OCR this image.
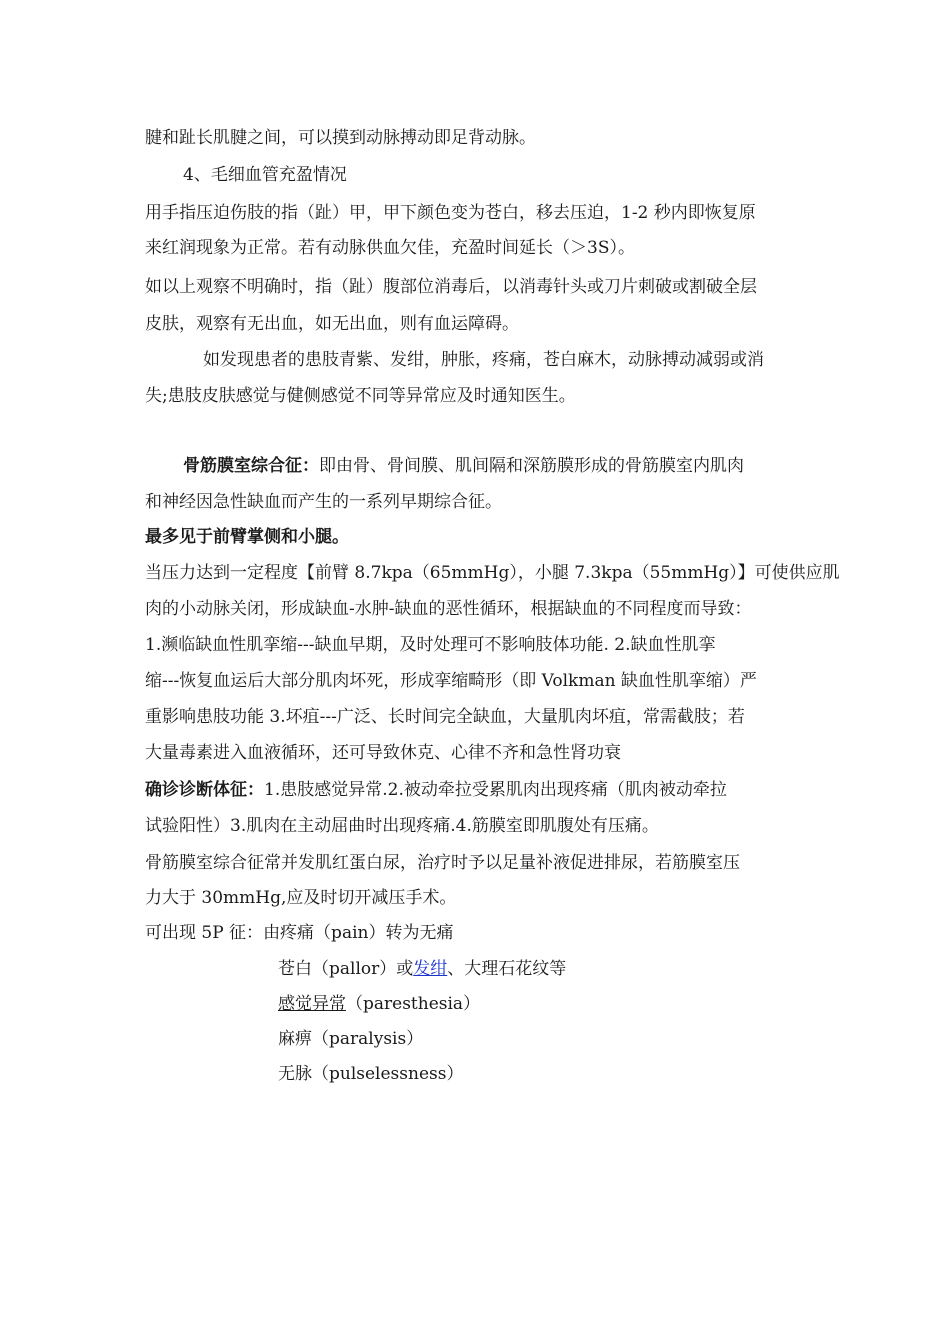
腱和趾长肌腱之间，可以摸到动脉搏动即足背动脉。
4、毛细血管充盈情况
用手指压迫伤肢的指（趾）甲，甲下颜色变为苍白，移去压迫，1-2 秒内即恢复原
来红润现象为正常。若有动脉供血欠佳，充盈时间延长（＞3S）。
如以上观察不明确时，指（趾）腹部位消毒后，以消毒针头或刀片刺破或割破全层
皮肤，观察有无出血，如无出血，则有血运障碍。
如发现患者的患肢青紫、发绀，肿胀，疼痛，苍白麻木，动脉搏动减弱或消
失;患肢皮肤感觉与健侧感觉不同等异常应及时通知医生。
骨筋膜室综合征：即由骨、骨间膜、肌间隔和深筋膜形成的骨筋膜室内肌肉
和神经因急性缺血而产生的一系列早期综合征。
最多见于前臂掌侧和小腿。
当压力达到一定程度【前臂 8.7kpa（65mmHg），小腿 7.3kpa（55mmHg）】可使供应肌
肉的小动脉关闭，形成缺血-水肿-缺血的恶性循环，根据缺血的不同程度而导致：
1.濒临缺血性肌挛缩---缺血早期，及时处理可不影响肢体功能. 2.缺血性肌挛
缩---恢复血运后大部分肌肉坏死，形成挛缩畸形（即 Volkman 缺血性肌挛缩）严
重影响患肢功能 3.坏疽---广泛、长时间完全缺血，大量肌肉坏疽，常需截肢；若
大量毒素进入血液循环，还可导致休克、心律不齐和急性肾功衰
确诊诊断体征：1.患肢感觉异常.2.被动牵拉受累肌肉出现疼痛（肌肉被动牵拉
试验阳性）3.肌肉在主动屈曲时出现疼痛.4.筋膜室即肌腹处有压痛。
骨筋膜室综合征常并发肌红蛋白尿，治疗时予以足量补液促进排尿，若筋膜室压
力大于 30mmHg,应及时切开减压手术。
可出现 5P 征：由疼痛（pain）转为无痛
苍白（pallor）或发绀、大理石花纹等
感觉异常（paresthesia）
麻痹（paralysis）
无脉（pulselessness）
